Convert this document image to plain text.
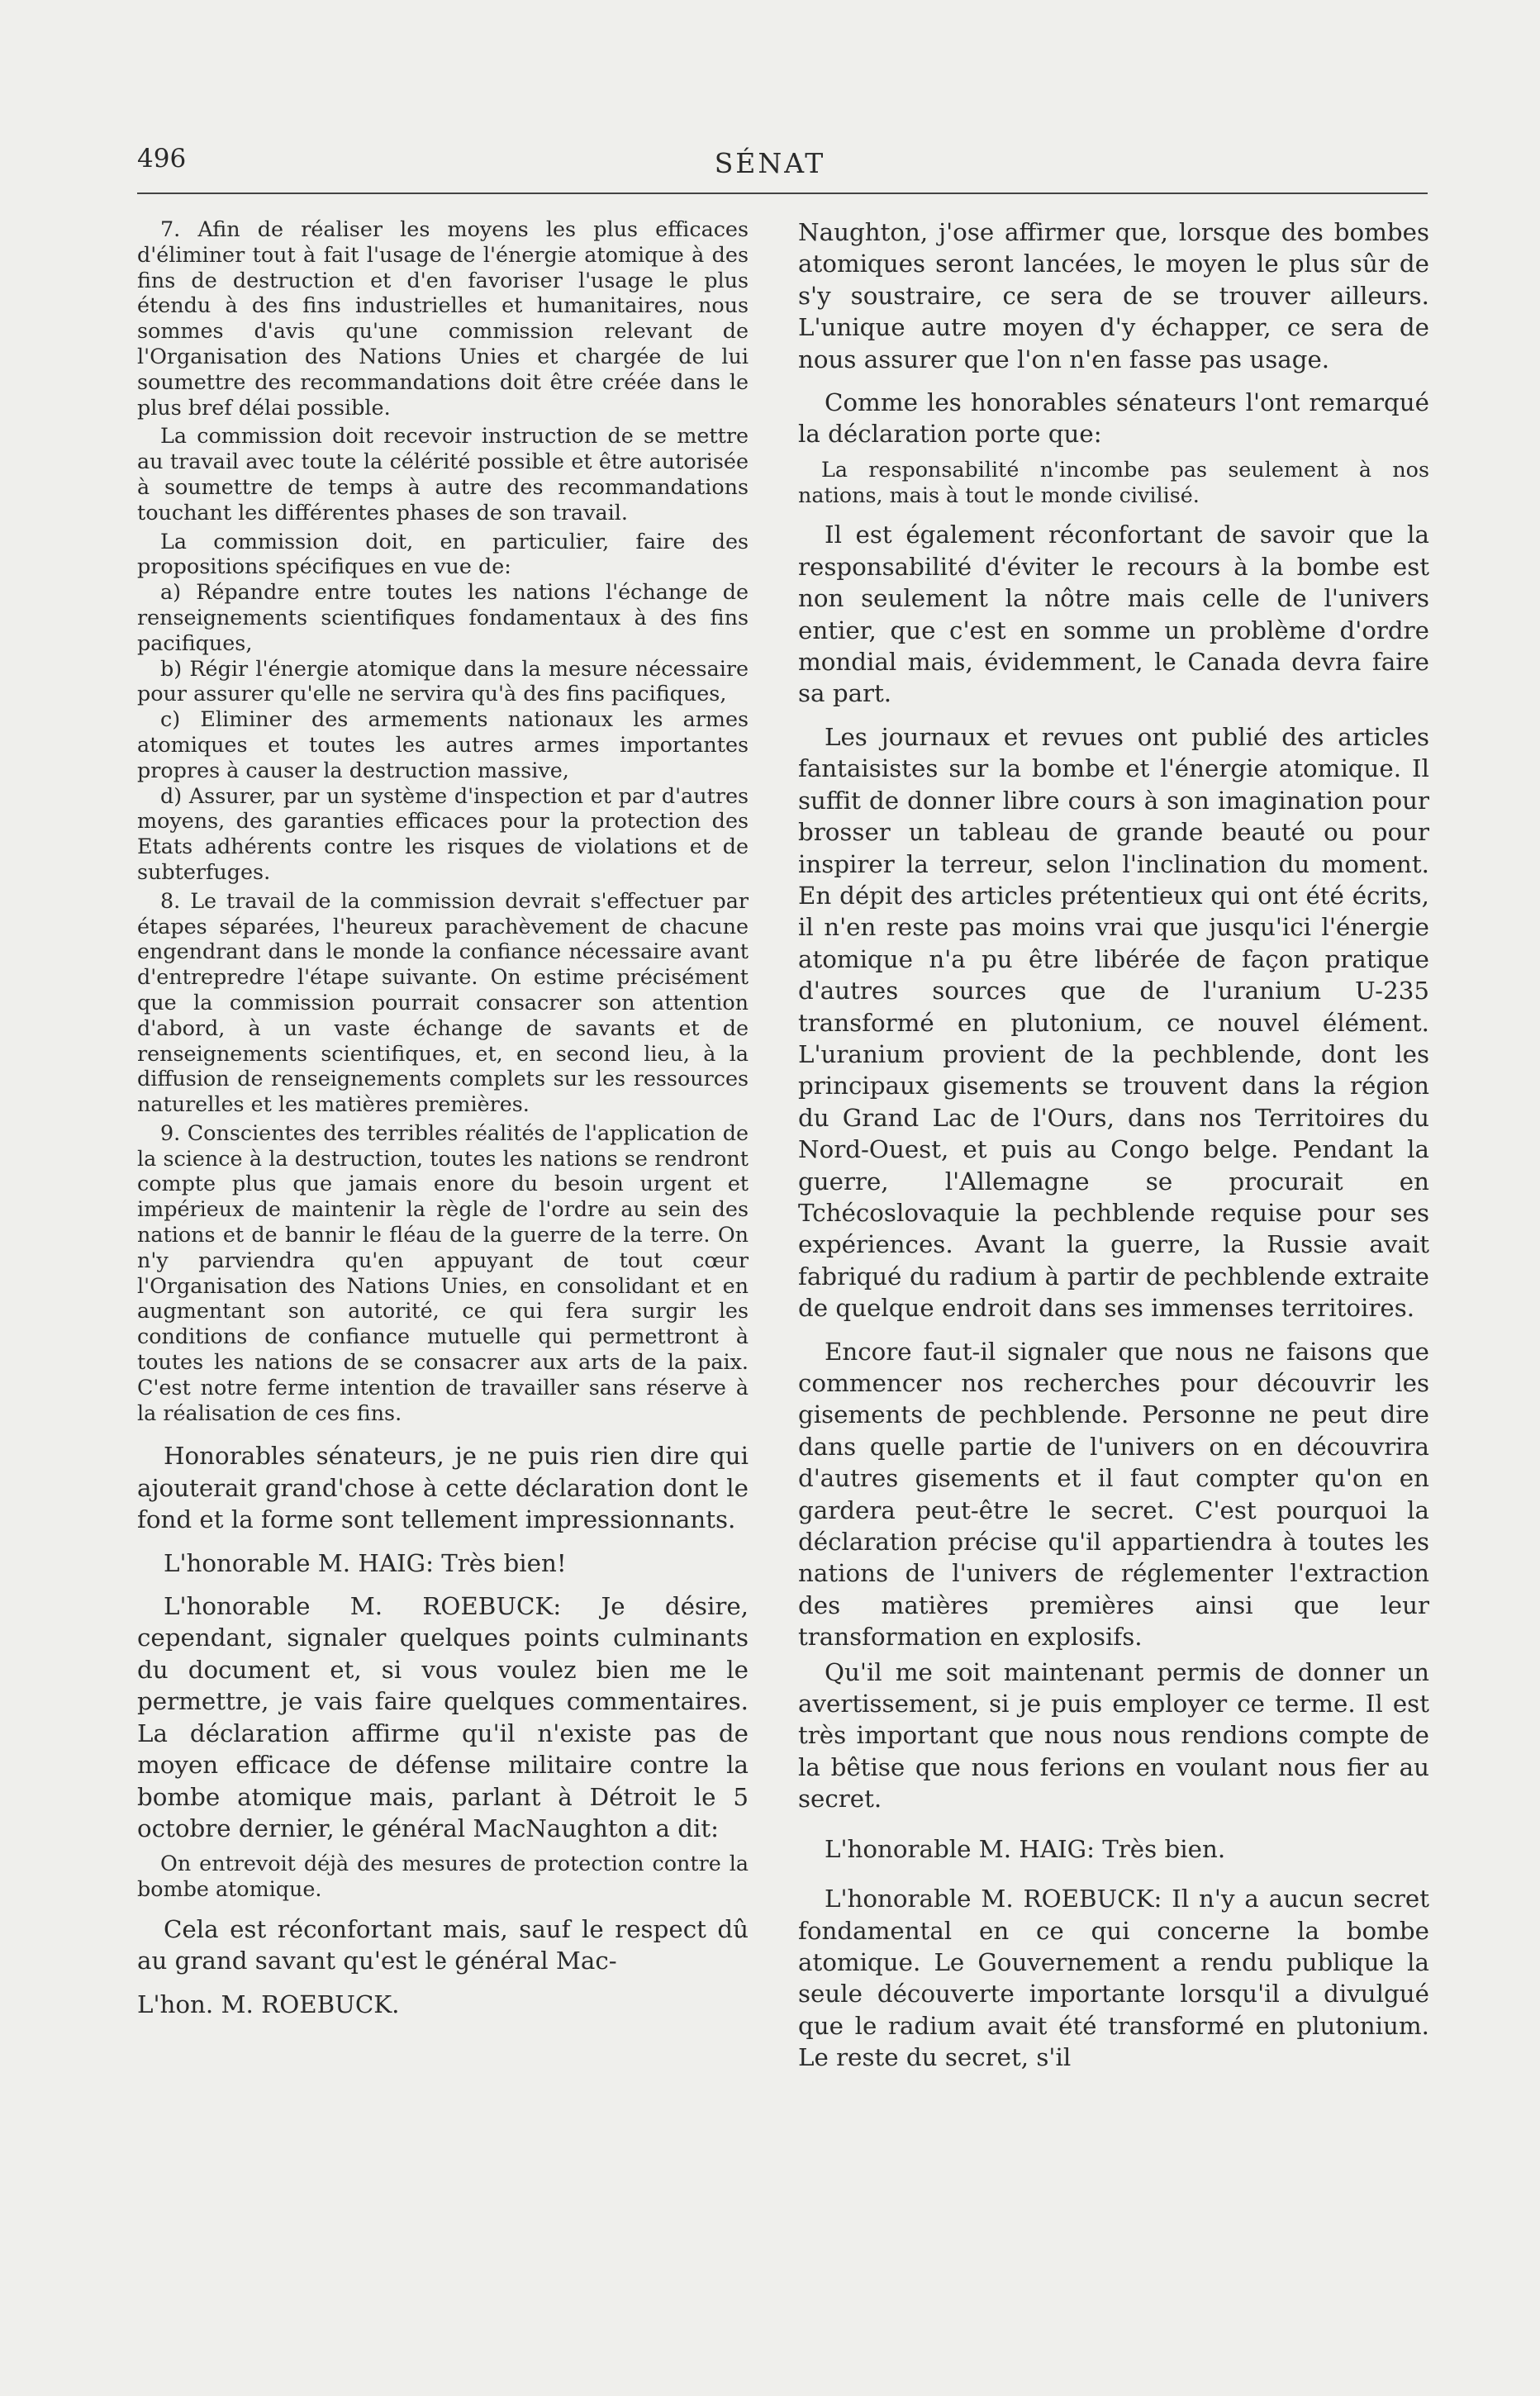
496	SÉNAT

7. Afin de réaliser les moyens les plus efficaces d'éliminer tout à fait l'usage de l'énergie atomique à des fins de destruction et d'en favoriser l'usage le plus étendu à des fins industrielles et humanitaires, nous sommes d'avis qu'une commission relevant de l'Organisation des Nations Unies et chargée de lui soumettre des recommandations doit être créée dans le plus bref délai possible.

La commission doit recevoir instruction de se mettre au travail avec toute la célérité possible et être autorisée à soumettre de temps à autre des recommandations touchant les différentes phases de son travail.

La commission doit, en particulier, faire des propositions spécifiques en vue de:

a) Répandre entre toutes les nations l'échange de renseignements scientifiques fondamentaux à des fins pacifiques,

b) Régir l'énergie atomique dans la mesure nécessaire pour assurer qu'elle ne servira qu'à des fins pacifiques,

c) Eliminer des armements nationaux les armes atomiques et toutes les autres armes importantes propres à causer la destruction massive,

d) Assurer, par un système d'inspection et par d'autres moyens, des garanties efficaces pour la protection des Etats adhérents contre les risques de violations et de subterfuges.

8. Le travail de la commission devrait s'effectuer par étapes séparées, l'heureux parachèvement de chacune engendrant dans le monde la confiance nécessaire avant d'entrepredre l'étape suivante. On estime précisément que la commission pourrait consacrer son attention d'abord, à un vaste échange de savants et de renseignements scientifiques, et, en second lieu, à la diffusion de renseignements complets sur les ressources naturelles et les matières premières.

9. Conscientes des terribles réalités de l'application de la science à la destruction, toutes les nations se rendront compte plus que jamais enore du besoin urgent et impérieux de maintenir la règle de l'ordre au sein des nations et de bannir le fléau de la guerre de la terre. On n'y parviendra qu'en appuyant de tout cœur l'Organisation des Nations Unies, en consolidant et en augmentant son autorité, ce qui fera surgir les conditions de confiance mutuelle qui permettront à toutes les nations de se consacrer aux arts de la paix. C'est notre ferme intention de travailler sans réserve à la réalisation de ces fins.

Honorables sénateurs, je ne puis rien dire qui ajouterait grand'chose à cette déclaration dont le fond et la forme sont tellement impressionnants.

L'honorable M. HAIG: Très bien!

L'honorable M. ROEBUCK: Je désire, cependant, signaler quelques points culminants du document et, si vous voulez bien me le permettre, je vais faire quelques commentaires. La déclaration affirme qu'il n'existe pas de moyen efficace de défense militaire contre la bombe atomique mais, parlant à Détroit le 5 octobre dernier, le général MacNaughton a dit:

On entrevoit déjà des mesures de protection contre la bombe atomique.

Cela est réconfortant mais, sauf le respect dû au grand savant qu'est le général Mac-

L'hon. M. ROEBUCK.

Naughton, j'ose affirmer que, lorsque des bombes atomiques seront lancées, le moyen le plus sûr de s'y soustraire, ce sera de se trouver ailleurs. L'unique autre moyen d'y échapper, ce sera de nous assurer que l'on n'en fasse pas usage.

Comme les honorables sénateurs l'ont remarqué la déclaration porte que:

La responsabilité n'incombe pas seulement à nos nations, mais à tout le monde civilisé.

Il est également réconfortant de savoir que la responsabilité d'éviter le recours à la bombe est non seulement la nôtre mais celle de l'univers entier, que c'est en somme un problème d'ordre mondial mais, évidemment, le Canada devra faire sa part.

Les journaux et revues ont publié des articles fantaisistes sur la bombe et l'énergie atomique. Il suffit de donner libre cours à son imagination pour brosser un tableau de grande beauté ou pour inspirer la terreur, selon l'inclination du moment. En dépit des articles prétentieux qui ont été écrits, il n'en reste pas moins vrai que jusqu'ici l'énergie atomique n'a pu être libérée de façon pratique d'autres sources que de l'uranium U-235 transformé en plutonium, ce nouvel élément. L'uranium provient de la pechblende, dont les principaux gisements se trouvent dans la région du Grand Lac de l'Ours, dans nos Territoires du Nord-Ouest, et puis au Congo belge. Pendant la guerre, l'Allemagne se procurait en Tchécoslovaquie la pechblende requise pour ses expériences. Avant la guerre, la Russie avait fabriqué du radium à partir de pechblende extraite de quelque endroit dans ses immenses territoires.

Encore faut-il signaler que nous ne faisons que commencer nos recherches pour découvrir les gisements de pechblende. Personne ne peut dire dans quelle partie de l'univers on en découvrira d'autres gisements et il faut compter qu'on en gardera peut-être le secret. C'est pourquoi la déclaration précise qu'il appartiendra à toutes les nations de l'univers de réglementer l'extraction des matières premières ainsi que leur transformation en explosifs.

Qu'il me soit maintenant permis de donner un avertissement, si je puis employer ce terme. Il est très important que nous nous rendions compte de la bêtise que nous ferions en voulant nous fier au secret.

L'honorable M. HAIG: Très bien.

L'honorable M. ROEBUCK: Il n'y a aucun secret fondamental en ce qui concerne la bombe atomique. Le Gouvernement a rendu publique la seule découverte importante lorsqu'il a divulgué que le radium avait été transformé en plutonium. Le reste du secret, s'il
